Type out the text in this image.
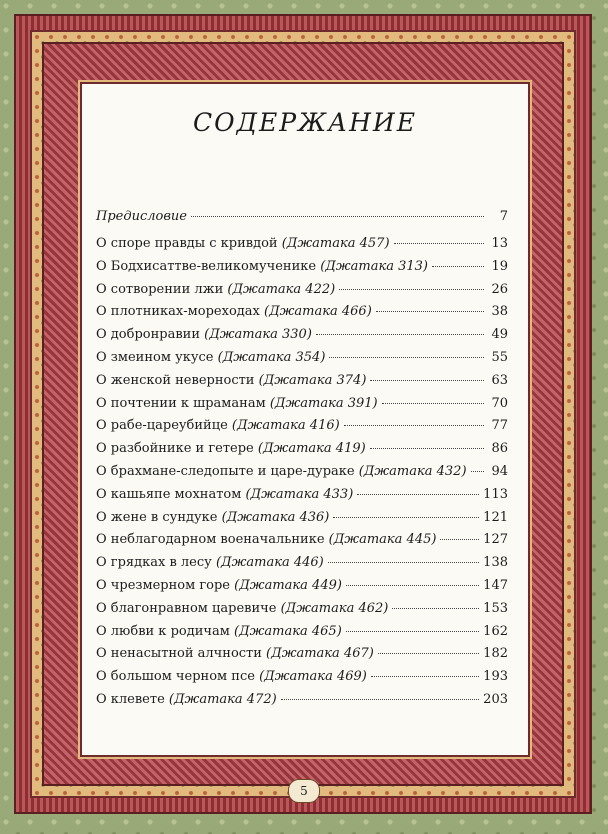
СОДЕРЖАНИЕ
Предисловие	7
О споре правды с кривдой (Джатака 457)	13
О Бодхисаттве-великомученике (Джатака 313)	19
О сотворении лжи (Джатака 422)	26
О плотниках-мореходах (Джатака 466)	38
О добронравии (Джатака 330)	49
О змеином укусе (Джатака 354)	55
О женской неверности (Джатака 374)	63
О почтении к шраманам (Джатака 391)	70
О рабе-цареубийце (Джатака 416)	77
О разбойнике и гетере (Джатака 419)	86
О брахмане-следопыте и царе-дураке (Джатака 432) 94
О кашьяпе мохнатом (Джатака 433)	113
О жене в сундуке (Джатака 436)	121
О неблагодарном военачальнике (Джатака 445)	127
О грядках в лесу (Джатака 446)	138
О чрезмерном горе (Джатака 449)	147
О благонравном царевиче (Джатака 462)	153
О любви к родичам (Джатака 465)	162
О ненасытной алчности (Джатака 467)	182
О большом черном псе (Джатака 469)	193
О клевете (Джатака 472)	203
5
